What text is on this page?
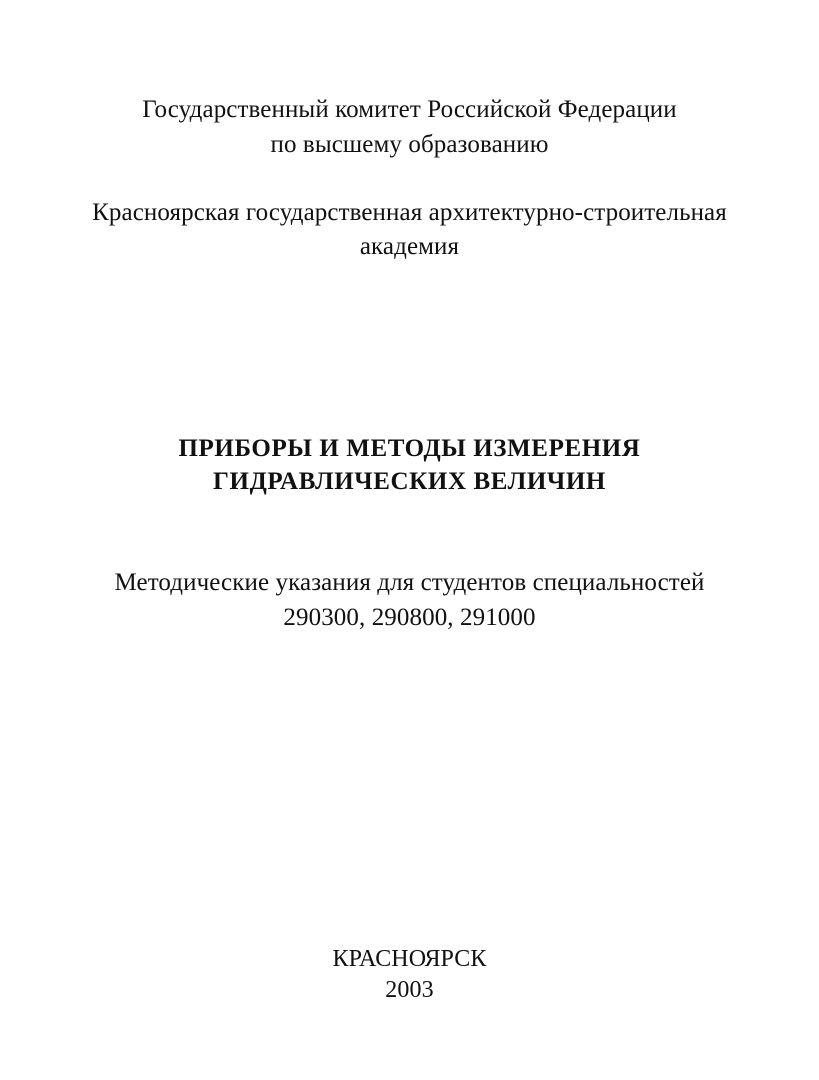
Государственный комитет Российской Федерации
по высшему образованию
Красноярская государственная архитектурно-строительная
академия
ПРИБОРЫ И МЕТОДЫ ИЗМЕРЕНИЯ
ГИДРАВЛИЧЕСКИХ ВЕЛИЧИН
Методические указания для студентов специальностей
290300, 290800, 291000
КРАСНОЯРСК
2003
